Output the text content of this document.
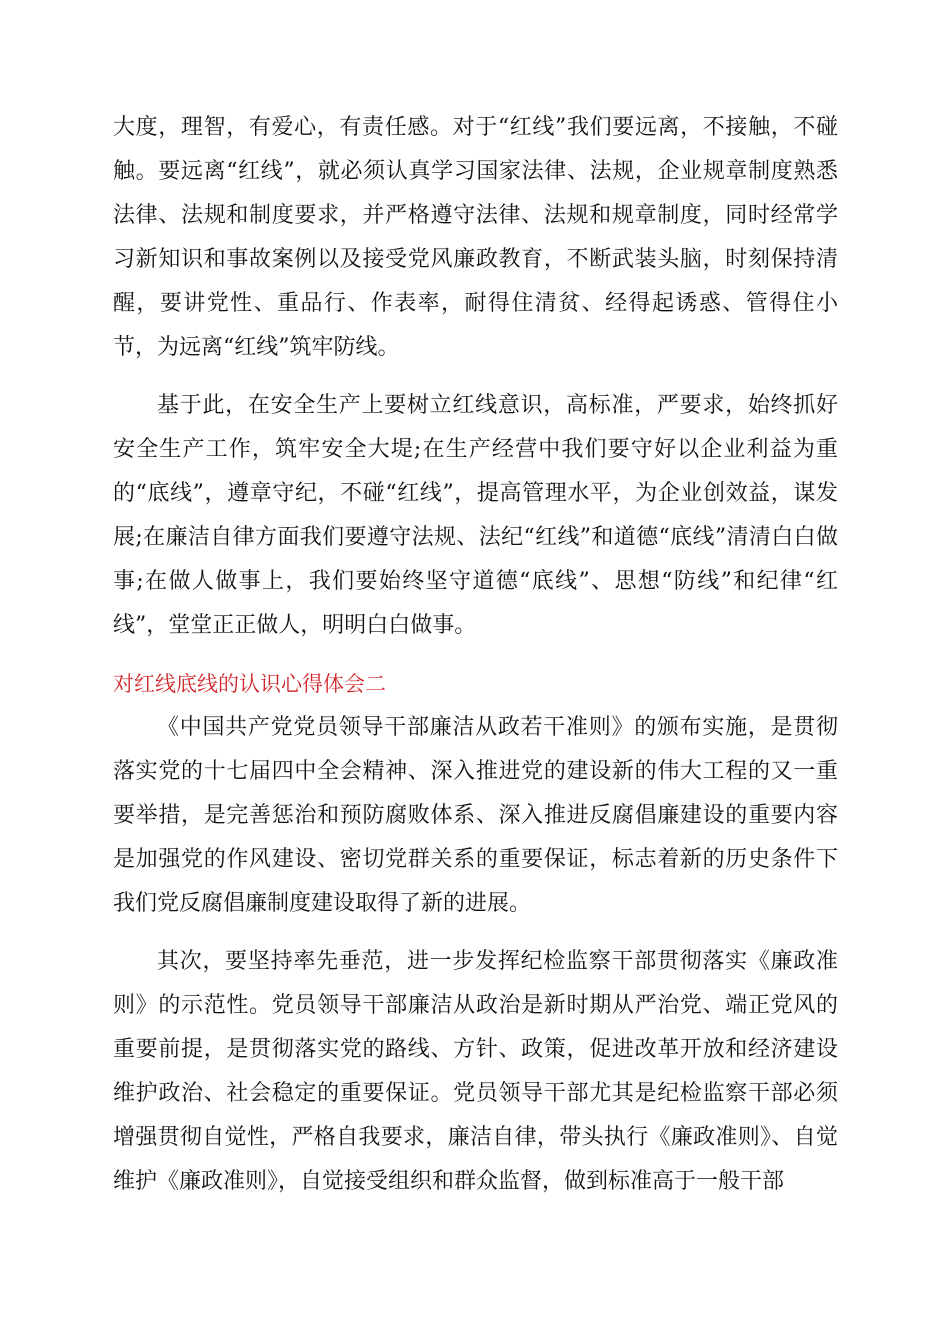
大度，理智，有爱心，有责任感。对于“红线”我们要远离，不接触，不碰触。要远离“红线”，就必须认真学习国家法律、法规，企业规章制度熟悉法律、法规和制度要求，并严格遵守法律、法规和规章制度，同时经常学习新知识和事故案例以及接受党风廉政教育，不断武装头脑，时刻保持清醒，要讲党性、重品行、作表率，耐得住清贫、经得起诱惑、管得住小节，为远离“红线”筑牢防线。

基于此，在安全生产上要树立红线意识，高标准，严要求，始终抓好安全生产工作，筑牢安全大堤;在生产经营中我们要守好以企业利益为重的“底线”，遵章守纪，不碰“红线”，提高管理水平，为企业创效益，谋发展;在廉洁自律方面我们要遵守法规、法纪“红线”和道德“底线”清清白白做事;在做人做事上，我们要始终坚守道德“底线”、思想“防线”和纪律“红线”，堂堂正正做人，明明白白做事。

对红线底线的认识心得体会二

《中国共产党党员领导干部廉洁从政若干准则》的颁布实施，是贯彻落实党的十七届四中全会精神、深入推进党的建设新的伟大工程的又一重要举措，是完善惩治和预防腐败体系、深入推进反腐倡廉建设的重要内容是加强党的作风建设、密切党群关系的重要保证，标志着新的历史条件下我们党反腐倡廉制度建设取得了新的进展。

其次，要坚持率先垂范，进一步发挥纪检监察干部贯彻落实《廉政准则》的示范性。党员领导干部廉洁从政治是新时期从严治党、端正党风的重要前提，是贯彻落实党的路线、方针、政策，促进改革开放和经济建设维护政治、社会稳定的重要保证。党员领导干部尤其是纪检监察干部必须增强贯彻自觉性，严格自我要求，廉洁自律，带头执行《廉政准则》、自觉维护《廉政准则》，自觉接受组织和群众监督，做到标准高于一般干部
